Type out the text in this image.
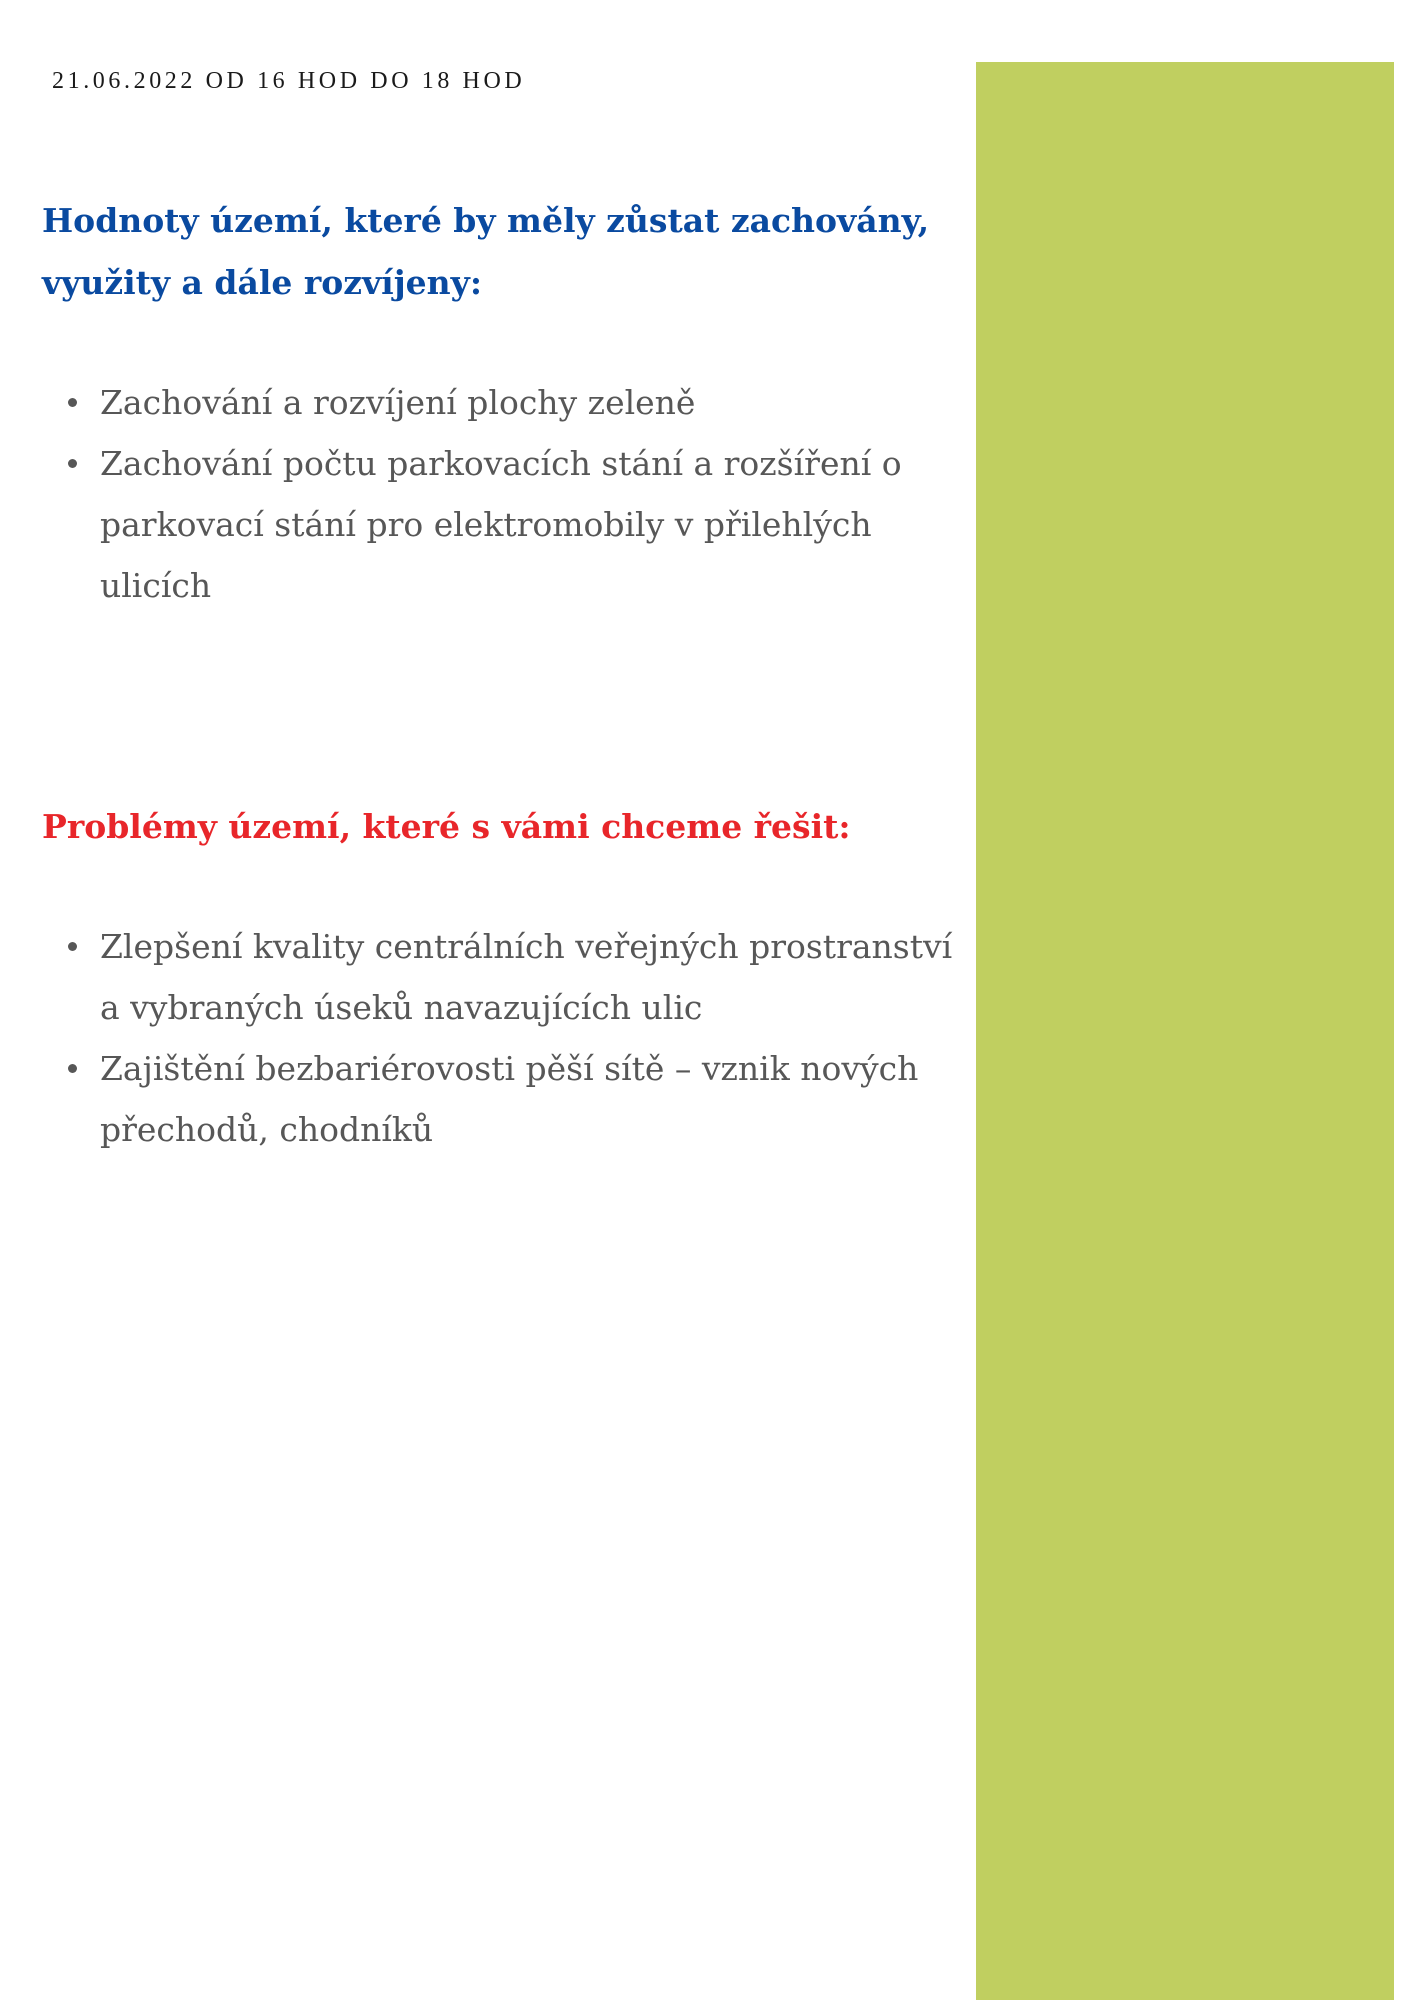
21.06.2022 OD 16 HOD DO 18 HOD
Hodnoty území, které by měly zůstat zachovány,
využity a dále rozvíjeny:
Zachování a rozvíjení plochy zeleně
Zachování počtu parkovacích stání a rozšíření o parkovací stání pro elektromobily v přilehlých ulicích
Problémy území, které s vámi chceme řešit:
Zlepšení kvality centrálních veřejných prostranství a vybraných úseků navazujících ulic
Zajištění bezbariérovosti pěší sítě – vznik nových přechodů, chodníků
